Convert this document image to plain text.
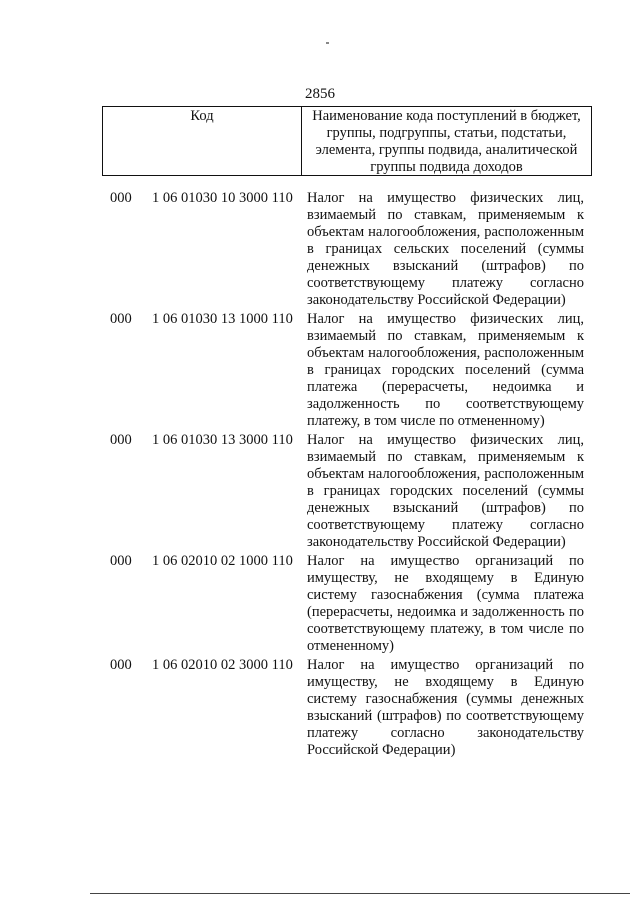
2856
Код	Наименование кода поступлений в бюджет, группы, подгруппы, статьи, подстатьи, элемента, группы подвида, аналитической группы подвида доходов
000 1 06 01030 10 3000 110 Налог на имущество физических лиц, взимаемый по ставкам, применяемым к объектам налогообложения, расположенным в границах сельских поселений (суммы денежных взысканий (штрафов) по соответствующему платежу согласно законодательству Российской Федерации)
000 1 06 01030 13 1000 110 Налог на имущество физических лиц, взимаемый по ставкам, применяемым к объектам налогообложения, расположенным в границах городских поселений (сумма платежа (перерасчеты, недоимка и задолженность по соответствующему платежу, в том числе по отмененному)
000 1 06 01030 13 3000 110 Налог на имущество физических лиц, взимаемый по ставкам, применяемым к объектам налогообложения, расположенным в границах городских поселений (суммы денежных взысканий (штрафов) по соответствующему платежу согласно законодательству Российской Федерации)
000 1 06 02010 02 1000 110 Налог на имущество организаций по имуществу, не входящему в Единую систему газоснабжения (сумма платежа (перерасчеты, недоимка и задолженность по соответствующему платежу, в том числе по отмененному)
000 1 06 02010 02 3000 110 Налог на имущество организаций по имуществу, не входящему в Единую систему газоснабжения (суммы денежных взысканий (штрафов) по соответствующему платежу согласно законодательству Российской Федерации)
